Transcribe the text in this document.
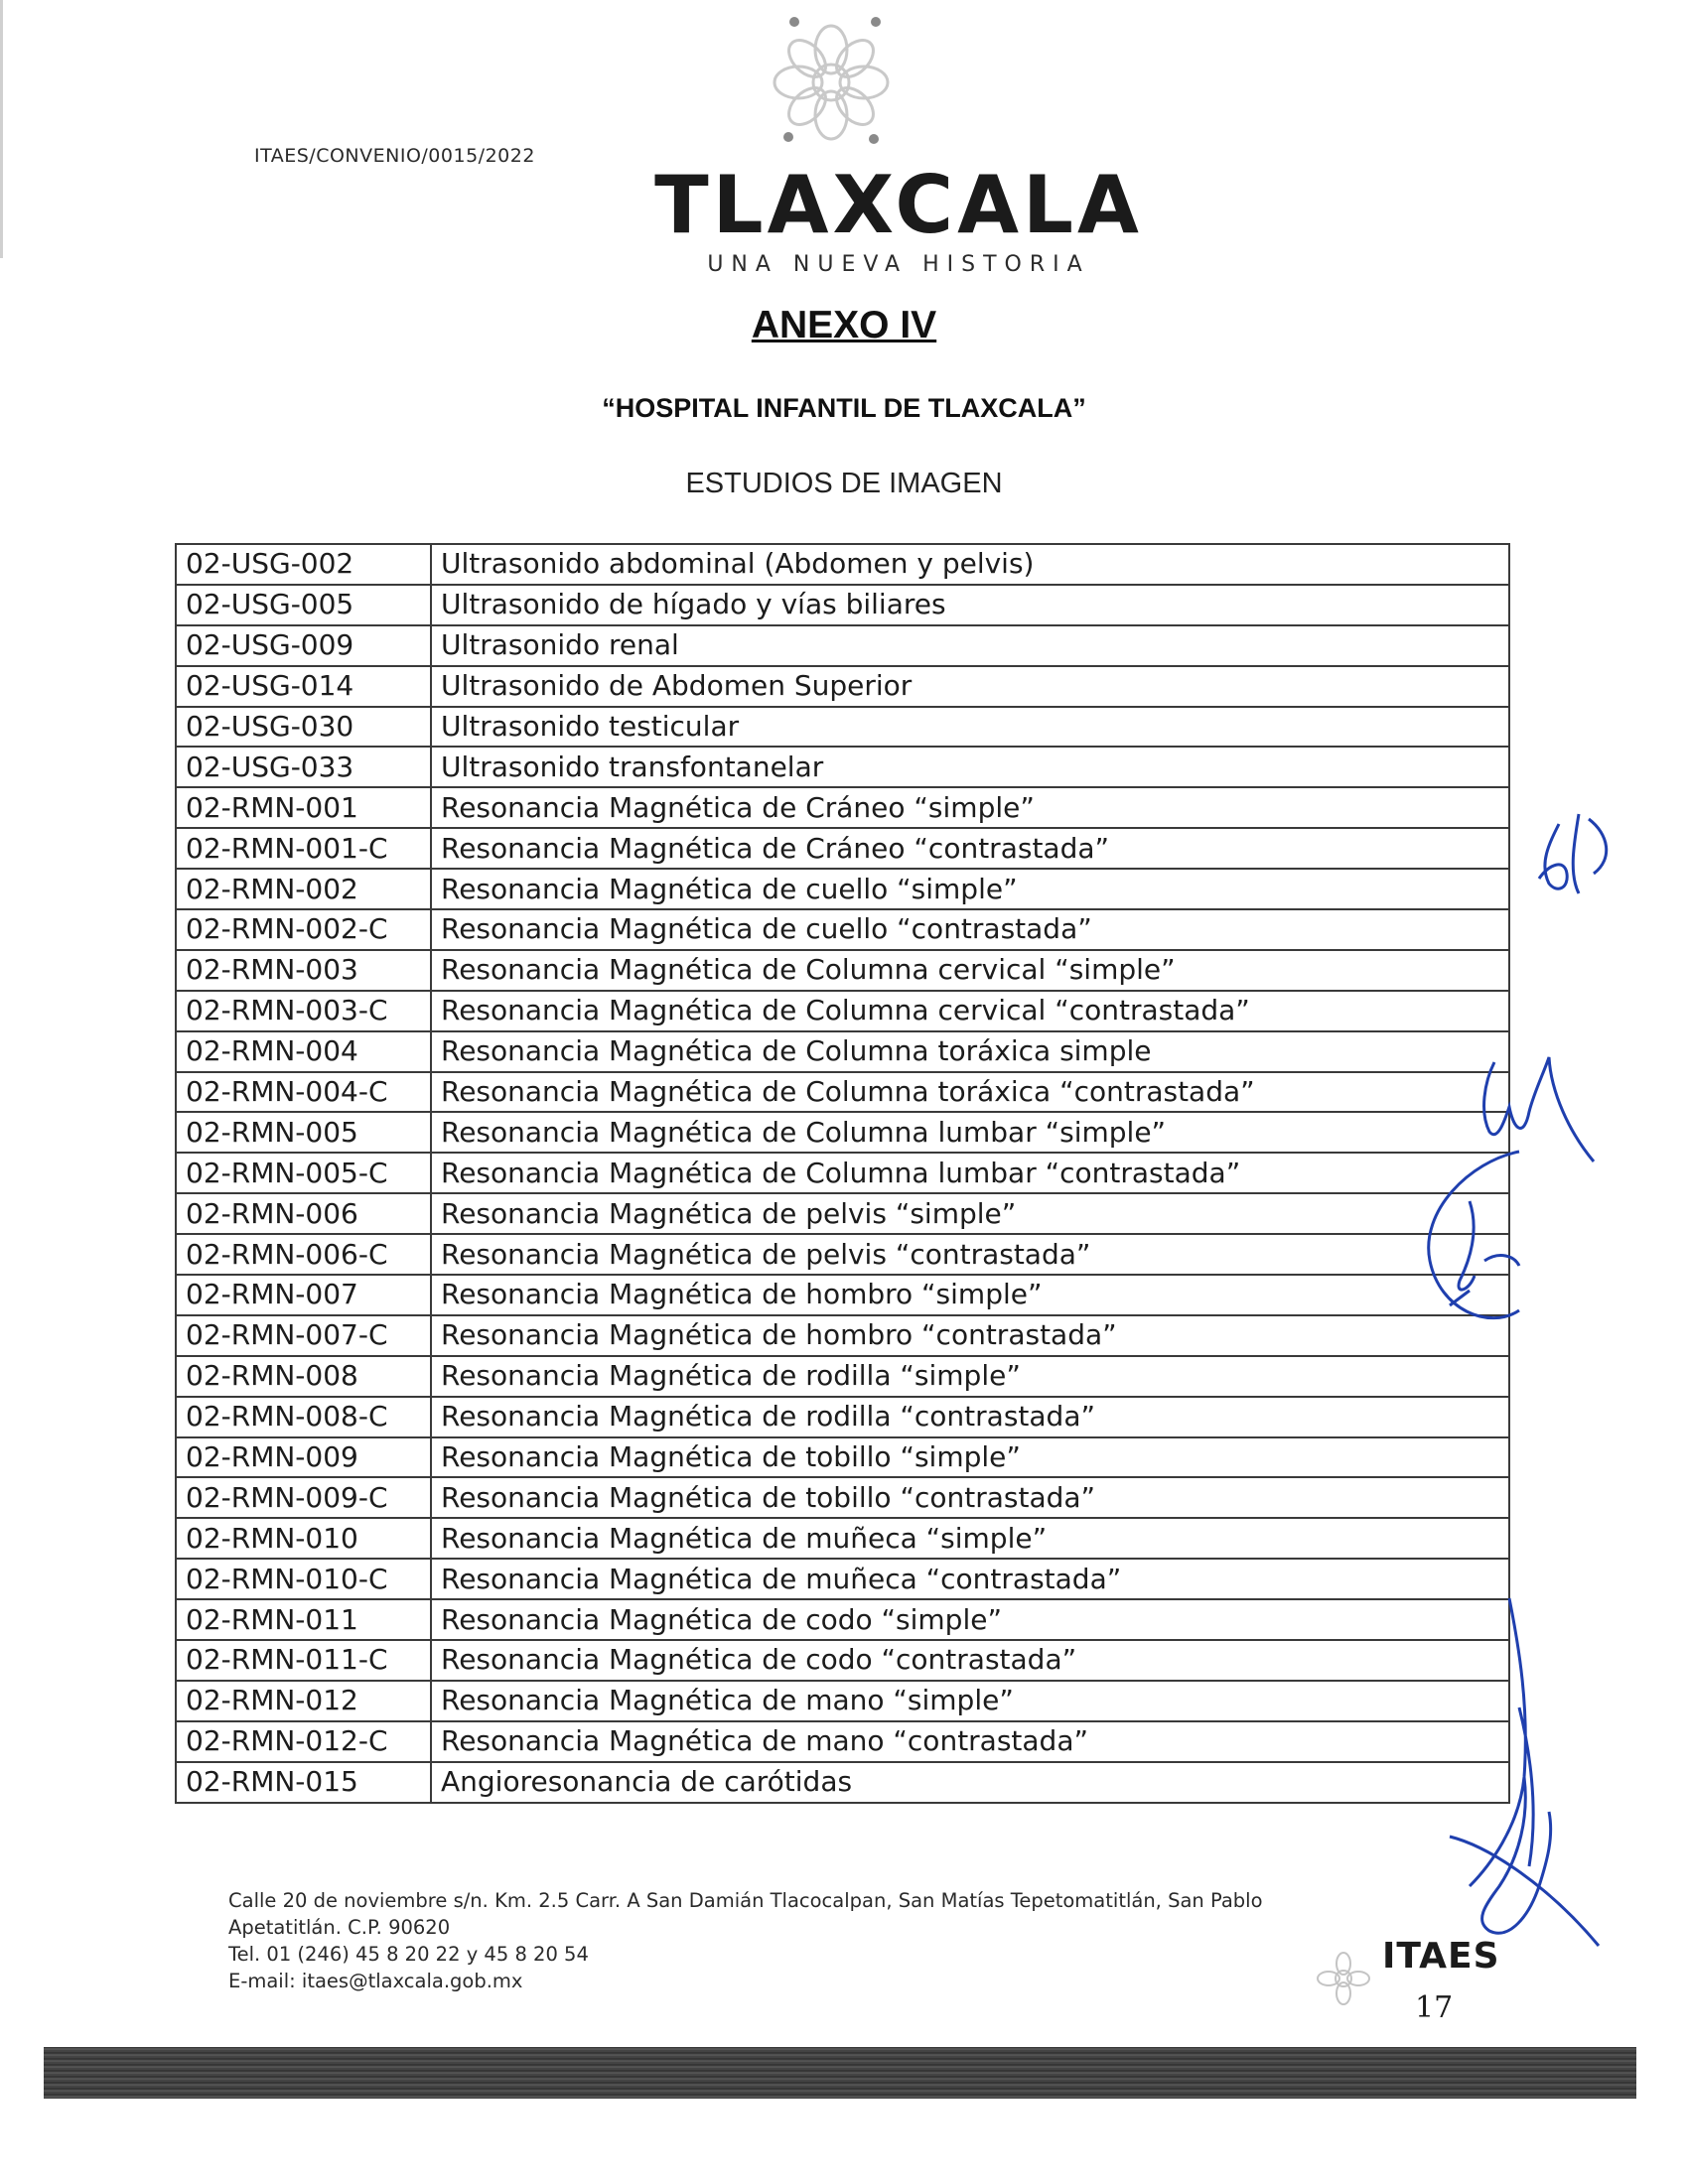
ITAES/CONVENIO/0015/2022
TLAXCALA
UNA NUEVA HISTORIA
ANEXO IV
“HOSPITAL INFANTIL DE TLAXCALA”
ESTUDIOS DE IMAGEN
02-USG-002	Ultrasonido abdominal (Abdomen y pelvis)
02-USG-005	Ultrasonido de hígado y vías biliares
02-USG-009	Ultrasonido renal
02-USG-014	Ultrasonido de Abdomen Superior
02-USG-030	Ultrasonido testicular
02-USG-033	Ultrasonido transfontanelar
02-RMN-001	Resonancia Magnética de Cráneo “simple”
02-RMN-001-C	Resonancia Magnética de Cráneo “contrastada”
02-RMN-002	Resonancia Magnética de cuello “simple”
02-RMN-002-C	Resonancia Magnética de cuello “contrastada”
02-RMN-003	Resonancia Magnética de Columna cervical “simple”
02-RMN-003-C	Resonancia Magnética de Columna cervical “contrastada”
02-RMN-004	Resonancia Magnética de Columna toráxica simple
02-RMN-004-C	Resonancia Magnética de Columna toráxica “contrastada”
02-RMN-005	Resonancia Magnética de Columna lumbar “simple”
02-RMN-005-C	Resonancia Magnética de Columna lumbar “contrastada”
02-RMN-006	Resonancia Magnética de pelvis “simple”
02-RMN-006-C	Resonancia Magnética de pelvis “contrastada”
02-RMN-007	Resonancia Magnética de hombro “simple”
02-RMN-007-C	Resonancia Magnética de hombro “contrastada”
02-RMN-008	Resonancia Magnética de rodilla “simple”
02-RMN-008-C	Resonancia Magnética de rodilla “contrastada”
02-RMN-009	Resonancia Magnética de tobillo “simple”
02-RMN-009-C	Resonancia Magnética de tobillo “contrastada”
02-RMN-010	Resonancia Magnética de muñeca “simple”
02-RMN-010-C	Resonancia Magnética de muñeca “contrastada”
02-RMN-011	Resonancia Magnética de codo “simple”
02-RMN-011-C	Resonancia Magnética de codo “contrastada”
02-RMN-012	Resonancia Magnética de mano “simple”
02-RMN-012-C	Resonancia Magnética de mano “contrastada”
02-RMN-015	Angioresonancia de carótidas
Calle 20 de noviembre s/n. Km. 2.5 Carr. A San Damián Tlacocalpan, San Matías Tepetomatitlán, San Pablo
Apetatitlán. C.P. 90620
Tel. 01 (246) 45 8 20 22 y 45 8 20 54
E-mail: itaes@tlaxcala.gob.mx
ITAES
17
